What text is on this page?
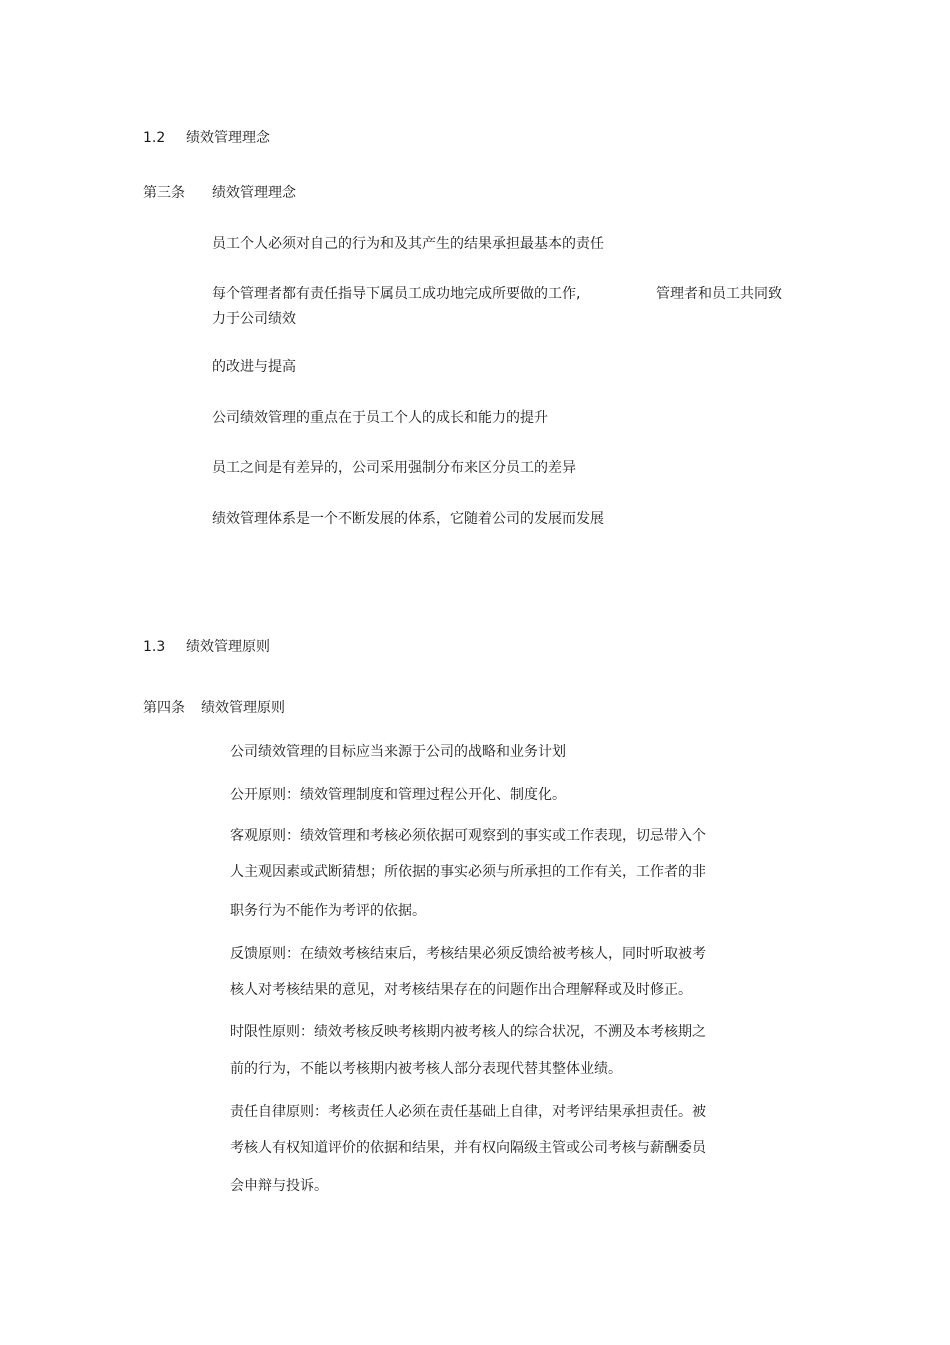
1.2 绩效管理理念
第三条 绩效管理理念
员工个人必须对自己的行为和及其产生的结果承担最基本的责任
每个管理者都有责任指导下属员工成功地完成所要做的工作,	管理者和员工共同致
力于公司绩效
的改进与提高
公司绩效管理的重点在于员工个人的成长和能力的提升
员工之间是有差异的，公司采用强制分布来区分员工的差异
绩效管理体系是一个不断发展的体系，它随着公司的发展而发展
1.3 绩效管理原则
第四条 绩效管理原则
公司绩效管理的目标应当来源于公司的战略和业务计划
公开原则：绩效管理制度和管理过程公开化、制度化。
客观原则：绩效管理和考核必须依据可观察到的事实或工作表现，切忌带入个
人主观因素或武断猜想；所依据的事实必须与所承担的工作有关，工作者的非
职务行为不能作为考评的依据。
反馈原则：在绩效考核结束后，考核结果必须反馈给被考核人，同时听取被考
核人对考核结果的意见，对考核结果存在的问题作出合理解释或及时修正。
时限性原则：绩效考核反映考核期内被考核人的综合状况，不溯及本考核期之
前的行为，不能以考核期内被考核人部分表现代替其整体业绩。
责任自律原则：考核责任人必须在责任基础上自律，对考评结果承担责任。被
考核人有权知道评价的依据和结果，并有权向隔级主管或公司考核与薪酬委员
会申辩与投诉。
